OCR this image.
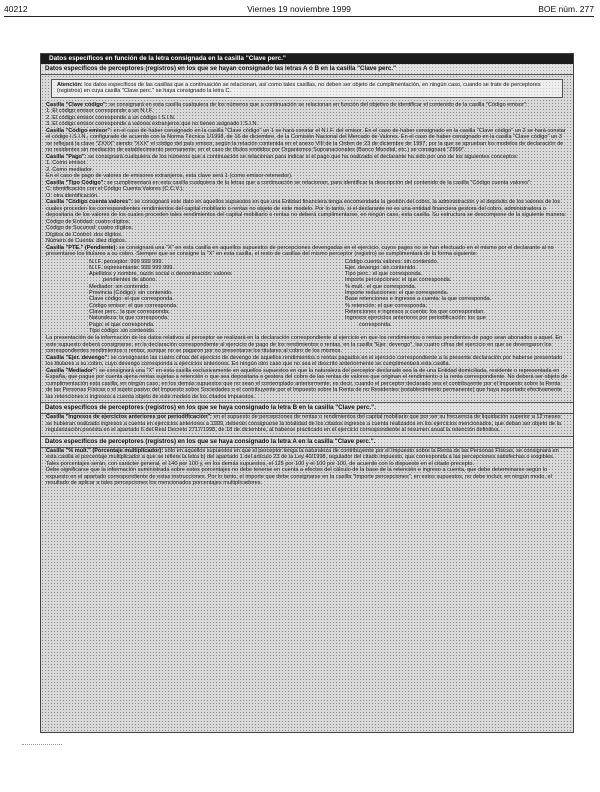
40212	Viernes 19 noviembre 1999	BOE núm. 277
Datos específicos en función de la letra consignada en la casilla "Clave perc."
Datos específicos de perceptores (registros) en los que se hayan consignado las letras A ó B en la casilla "Clave perc."
Atención: los datos específicos de las casillas que a continuación se relacionan, así como tales casillas, no deben ser objeto de cumplimentación, en ningún caso, cuando se trate de perceptores (registros) en cuya casilla "Clave perc." se haya consignado la letra C.

Casilla "Clave código": se consignará en esta casilla cualquiera de los números que a continuación se relacionan en función del objetivo de identificar el contenido de la casilla "Código emisor":

1. El código emisor corresponde a un N.I.F.

2. El código emisor corresponde a un código I.S.I.N.

3. El código emisor corresponde a valores extranjeros que no tienen asignado I.S.I.N.

Casilla "Código emisor": en el caso de haber consignado en la casilla "Clave código" un 1 se hará constar el N.I.F. del emisor. En el caso de haber consignado en la casilla "Clave código" un 2 se hará constar el código I.S.I.N., configurado de acuerdo con la Norma Técnica 1/1998, de 16 de diciembre, de la Comisión Nacional del Mercado de Valores. En el caso de haber consignado en la casilla "Clave código" un 3 se reflejará la clave "ZXXX" siendo "XXX" el código del país emisor, según la relación contenida en el anexo VIII de la Orden de 23 de diciembre de 1997, por la que se aprueban los modelos de declaración de no residentes sin mediación de establecimiento permanente, en el caso de títulos emitidos por Organismos Supranacionales (Banco Mundial, etc.) se consignará "Z999".

Casilla "Pago": se consignará cualquiera de los números que a continuación se relacionan para indicar si el pago que ha realizado el declarante ha sido por uno de los siguientes conceptos:

1. Como emisor.

2. Como mediador.

En el caso de pago de valores de emisores extranjeros, esta clave será 1 (como emisor-retenedor).

Casilla "Tipo Código": se cumplimentará en esta casilla cualquiera de la letras que a continuación se relacionan, para identificar la descripción del contenido de la casilla "Código cuenta valores":

C: identificación con el Código Cuenta Valores (C.C.V.).

O: otra identificación.

Casilla "Código cuenta valores": se consignará este dato en aquellos supuestos en que una Entidad financiera tenga encomendada la gestión del cobro, la administración y el depósito de los valores de los cuales proceden los correspondientes rendimientos del capital mobiliario o rentas no objeto de este modelo. Por lo tanto, si el declarante no es una entidad financiera gestora del cobro, administradora o depositaria de los valores de los cuales proceden tales rendimientos del capital mobiliario o rentas no deberá cumplimentarse, en ningún caso, esta casilla. Su estructura se descompone de la siguiente manera:

Código de Entidad: cuatro dígitos.

Código de Sucursal: cuatro dígitos.

Dígitos de Control: dos dígitos.

Número de Cuenta: diez dígitos.

Casilla "PTE." (Pendiente): se consignará una "X" en esta casilla en aquellos supuestos de percepciones devengadas en el ejercicio, cuyos pagos no se han efectuado en el mismo por el declarante al no presentarse los titulares a su cobro. Siempre que se consigne la "X" en esta casilla, el resto de casillas del mismo perceptor (registro) se cumplimentará de la forma siguiente:

N.I.F. perceptor: 999 999 999.
N.I.F. representante: 999 999 999.
Apellidos y nombre, razón social o denominación: valores
pendientes de abono.
Mediador: sin contenido.
Provincia (Código): sin contenido.
Clave código: el que corresponda.
Código emisor: el que corresponda.
Clave perc.: la que corresponda.
Naturaleza: la que corresponda.
Pago: el que corresponda.
Tipo código: sin contenido.
Código cuenta valores: sin contenido.
Ejer. devengo: sin contenido.
Tipo perc.: el que corresponda.
Importe percepciones: el que corresponda.
% mult.: el que corresponda.
Importe reducciones: el que corresponda.
Base retenciones e ingresos a cuenta: la que corresponda.
% retención: el que corresponda.
Retenciones e ingresos a cuenta: los que correspondan.
Ingresos ejercicios anteriores por periodificación: los que
corresponda.

La presentación de la información de los datos relativos al perceptor se realizará en la declaración correspondiente al ejercicio en que los rendimientos o rentas pendientes de pago sean abonados a aquel. En este supuesto deberá consignarse, en la declaración correspondiente al ejercicio de pago de los rendimientos o rentas, en la casilla "Ejer. devengo", las cuatro cifras del ejercicio en que se devengaron los correspondientes rendimientos o rentas, aunque no se pagaron por no presentarse los titulares al cobro de los mismos.

Casilla "Ejer. devengo": se consignarán las cuatro cifras del ejercicio de devengo de aquellos rendimientos o rentas pagados en el ejercicio correspondiente a la presente declaración por haberse presentado los titulares a su cobro, cuyo devengo corresponda a ejercicios anteriores. En ningún otro caso que no sea el descrito anteriormente se cumplimentará esta casilla.

Casilla "Mediador": se consignará una "X" en esta casilla exclusivamente en aquellos supuestos en que la naturaleza del perceptor declarado sea la de una Entidad domiciliada, residente o representada en España, que pague por cuenta ajena rentas sujetas a retención o que sea depositaria o gestora del cobro de las rentas de valores que originan el rendimiento o la renta correspondiente. No deberá ser objeto de cumplimentación esta casilla, en ningún caso, en los demás supuestos que no sean el contemplado anteriormente, es decir, cuando el perceptor declarado sea el contribuyente por el Impuesto sobre la Renta de las Personas Físicas o el sujeto pasivo del Impuesto sobre Sociedades o el contribuyente por el Impuesto sobre la Renta de no Residentes (establecimiento permanente) que haya soportado efectivamente las retenciones o ingresos a cuenta objeto de este modelo de los citados impuestos.

Datos específicos de perceptores (registros) en los que se haya consignado la letra B en la casilla "Clave perc.".

Casilla "Ingresos de ejercicios anteriores por periodificación": en el supuesto de percepciones de rentas o rendimientos del capital mobiliario que por ser su frecuencia de liquidación superior a 12 meses se hubieran realizado ingresos a cuenta en ejercicios anteriores a 1999, deberán consignarse la totalidad de los citados ingresos a cuenta realizados en los ejercicios mencionados, que deban ser objeto de la regularización prevista en el apartado 6 del Real Decreto 2717/1998, de 18 de diciembre, al haberse practicado en el ejercicio correspondiente al resumen anual la retención definitiva.

Datos específicos de perceptores (registros) en los que se haya consignado la letra A en la casilla "Clave perc.".

Casilla "% mult." (Porcentaje multiplicador): sólo en aquellos supuestos en que el perceptor tenga la naturaleza de contribuyente por el Impuesto sobre la Renta de las Personas Físicas, se consignará en esta casilla el porcentaje multiplicador a que se refiere la letra b) del apartado 1 del artículo 23 de la Ley 40/1998, regulador del citado impuesto, que corresponda a las percepciones satisfechas o exigibles.

Tales porcentajes serán, con carácter general, el 140 por 100 y, en los demás supuestos, el 125 por 100 y el 100 por 100, de acuerdo con lo dispuesto en el citado precepto.

Debe significarse que la información suministrada sobre estos porcentajes no debe tenerse en cuenta a efectos del cálculo de la base de la retención e ingreso a cuenta, que debe determinarse según lo expuesto en el apartado correspondiente de estas instrucciones. Por lo tanto, el importe que debe consignarse en la casilla "Importe percepciones", en estos supuestos, no debe incluir, en ningún modo, el resultado de aplicar a tales percepciones los mencionados porcentajes multiplicadores.
